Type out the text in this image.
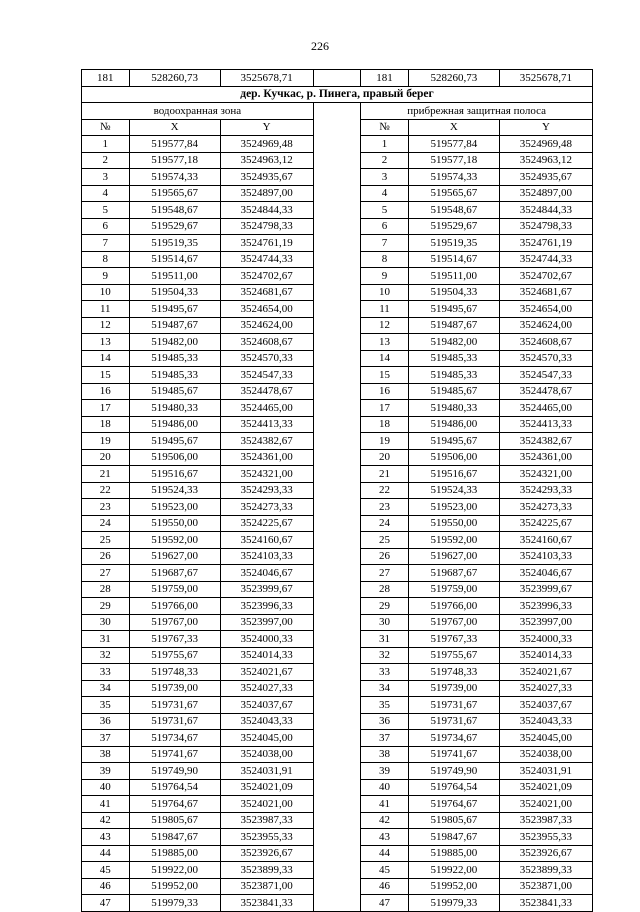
226
181	528260,73	3525678,71		181	528260,73	3525678,71
дер. Кучкас, р. Пинега, правый берег						
водоохранная зона				прибрежная защитная полоса		
№	X	Y		№	X	Y
1	519577,84	3524969,48		1	519577,84	3524969,48
2	519577,18	3524963,12		2	519577,18	3524963,12
3	519574,33	3524935,67		3	519574,33	3524935,67
4	519565,67	3524897,00		4	519565,67	3524897,00
5	519548,67	3524844,33		5	519548,67	3524844,33
6	519529,67	3524798,33		6	519529,67	3524798,33
7	519519,35	3524761,19		7	519519,35	3524761,19
8	519514,67	3524744,33		8	519514,67	3524744,33
9	519511,00	3524702,67		9	519511,00	3524702,67
10	519504,33	3524681,67		10	519504,33	3524681,67
11	519495,67	3524654,00		11	519495,67	3524654,00
12	519487,67	3524624,00		12	519487,67	3524624,00
13	519482,00	3524608,67		13	519482,00	3524608,67
14	519485,33	3524570,33		14	519485,33	3524570,33
15	519485,33	3524547,33		15	519485,33	3524547,33
16	519485,67	3524478,67		16	519485,67	3524478,67
17	519480,33	3524465,00		17	519480,33	3524465,00
18	519486,00	3524413,33		18	519486,00	3524413,33
19	519495,67	3524382,67		19	519495,67	3524382,67
20	519506,00	3524361,00		20	519506,00	3524361,00
21	519516,67	3524321,00		21	519516,67	3524321,00
22	519524,33	3524293,33		22	519524,33	3524293,33
23	519523,00	3524273,33		23	519523,00	3524273,33
24	519550,00	3524225,67		24	519550,00	3524225,67
25	519592,00	3524160,67		25	519592,00	3524160,67
26	519627,00	3524103,33		26	519627,00	3524103,33
27	519687,67	3524046,67		27	519687,67	3524046,67
28	519759,00	3523999,67		28	519759,00	3523999,67
29	519766,00	3523996,33		29	519766,00	3523996,33
30	519767,00	3523997,00		30	519767,00	3523997,00
31	519767,33	3524000,33		31	519767,33	3524000,33
32	519755,67	3524014,33		32	519755,67	3524014,33
33	519748,33	3524021,67		33	519748,33	3524021,67
34	519739,00	3524027,33		34	519739,00	3524027,33
35	519731,67	3524037,67		35	519731,67	3524037,67
36	519731,67	3524043,33		36	519731,67	3524043,33
37	519734,67	3524045,00		37	519734,67	3524045,00
38	519741,67	3524038,00		38	519741,67	3524038,00
39	519749,90	3524031,91		39	519749,90	3524031,91
40	519764,54	3524021,09		40	519764,54	3524021,09
41	519764,67	3524021,00		41	519764,67	3524021,00
42	519805,67	3523987,33		42	519805,67	3523987,33
43	519847,67	3523955,33		43	519847,67	3523955,33
44	519885,00	3523926,67		44	519885,00	3523926,67
45	519922,00	3523899,33		45	519922,00	3523899,33
46	519952,00	3523871,00		46	519952,00	3523871,00
47	519979,33	3523841,33		47	519979,33	3523841,33
